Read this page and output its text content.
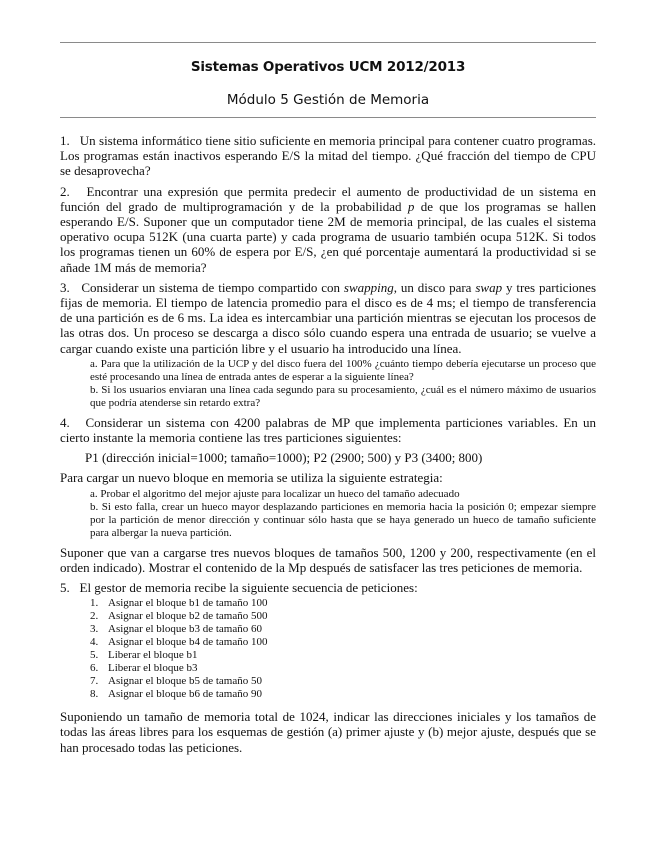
Sistemas Operativos UCM 2012/2013
Módulo 5 Gestión de Memoria

1. Un sistema informático tiene sitio suficiente en memoria principal para contener cuatro programas. Los programas están inactivos esperando E/S la mitad del tiempo. ¿Qué fracción del tiempo de CPU se desaprovecha?

2. Encontrar una expresión que permita predecir el aumento de productividad de un sistema en función del grado de multiprogramación y de la probabilidad p de que los programas se hallen esperando E/S. Suponer que un computador tiene 2M de memoria principal, de las cuales el sistema operativo ocupa 512K (una cuarta parte) y cada programa de usuario también ocupa 512K. Si todos los programas tienen un 60% de espera por E/S, ¿en qué porcentaje aumentará la productividad si se añade 1M más de memoria?

3. Considerar un sistema de tiempo compartido con swapping, un disco para swap y tres particiones fijas de memoria. El tiempo de latencia promedio para el disco es de 4 ms; el tiempo de transferencia de una partición es de 6 ms. La idea es intercambiar una partición mientras se ejecutan los procesos de las otras dos. Un proceso se descarga a disco sólo cuando espera una entrada de usuario; se vuelve a cargar cuando existe una partición libre y el usuario ha introducido una línea.

a. Para que la utilización de la UCP y del disco fuera del 100% ¿cuánto tiempo debería ejecutarse un proceso que esté procesando una línea de entrada antes de esperar a la siguiente línea?
b. Si los usuarios enviaran una línea cada segundo para su procesamiento, ¿cuál es el número máximo de usuarios que podría atenderse sin retardo extra?

4. Considerar un sistema con 4200 palabras de MP que implementa particiones variables. En un cierto instante la memoria contiene las tres particiones siguientes:

P1 (dirección inicial=1000; tamaño=1000); P2 (2900; 500) y P3 (3400; 800)

Para cargar un nuevo bloque en memoria se utiliza la siguiente estrategia:

a. Probar el algoritmo del mejor ajuste para localizar un hueco del tamaño adecuado
b. Si esto falla, crear un hueco mayor desplazando particiones en memoria hacia la posición 0; empezar siempre por la partición de menor dirección y continuar sólo hasta que se haya generado un hueco de tamaño suficiente para albergar la nueva partición.

Suponer que van a cargarse tres nuevos bloques de tamaños 500, 1200 y 200, respectivamente (en el orden indicado). Mostrar el contenido de la Mp después de satisfacer las tres peticiones de memoria.

5. El gestor de memoria recibe la siguiente secuencia de peticiones:

1. Asignar el bloque b1 de tamaño 100
2. Asignar el bloque b2 de tamaño 500
3. Asignar el bloque b3 de tamaño 60
4. Asignar el bloque b4 de tamaño 100
5. Liberar el bloque b1
6. Liberar el bloque b3
7. Asignar el bloque b5 de tamaño 50
8. Asignar el bloque b6 de tamaño 90

Suponiendo un tamaño de memoria total de 1024, indicar las direcciones iniciales y los tamaños de todas las áreas libres para los esquemas de gestión (a) primer ajuste y (b) mejor ajuste, después que se han procesado todas las peticiones.
